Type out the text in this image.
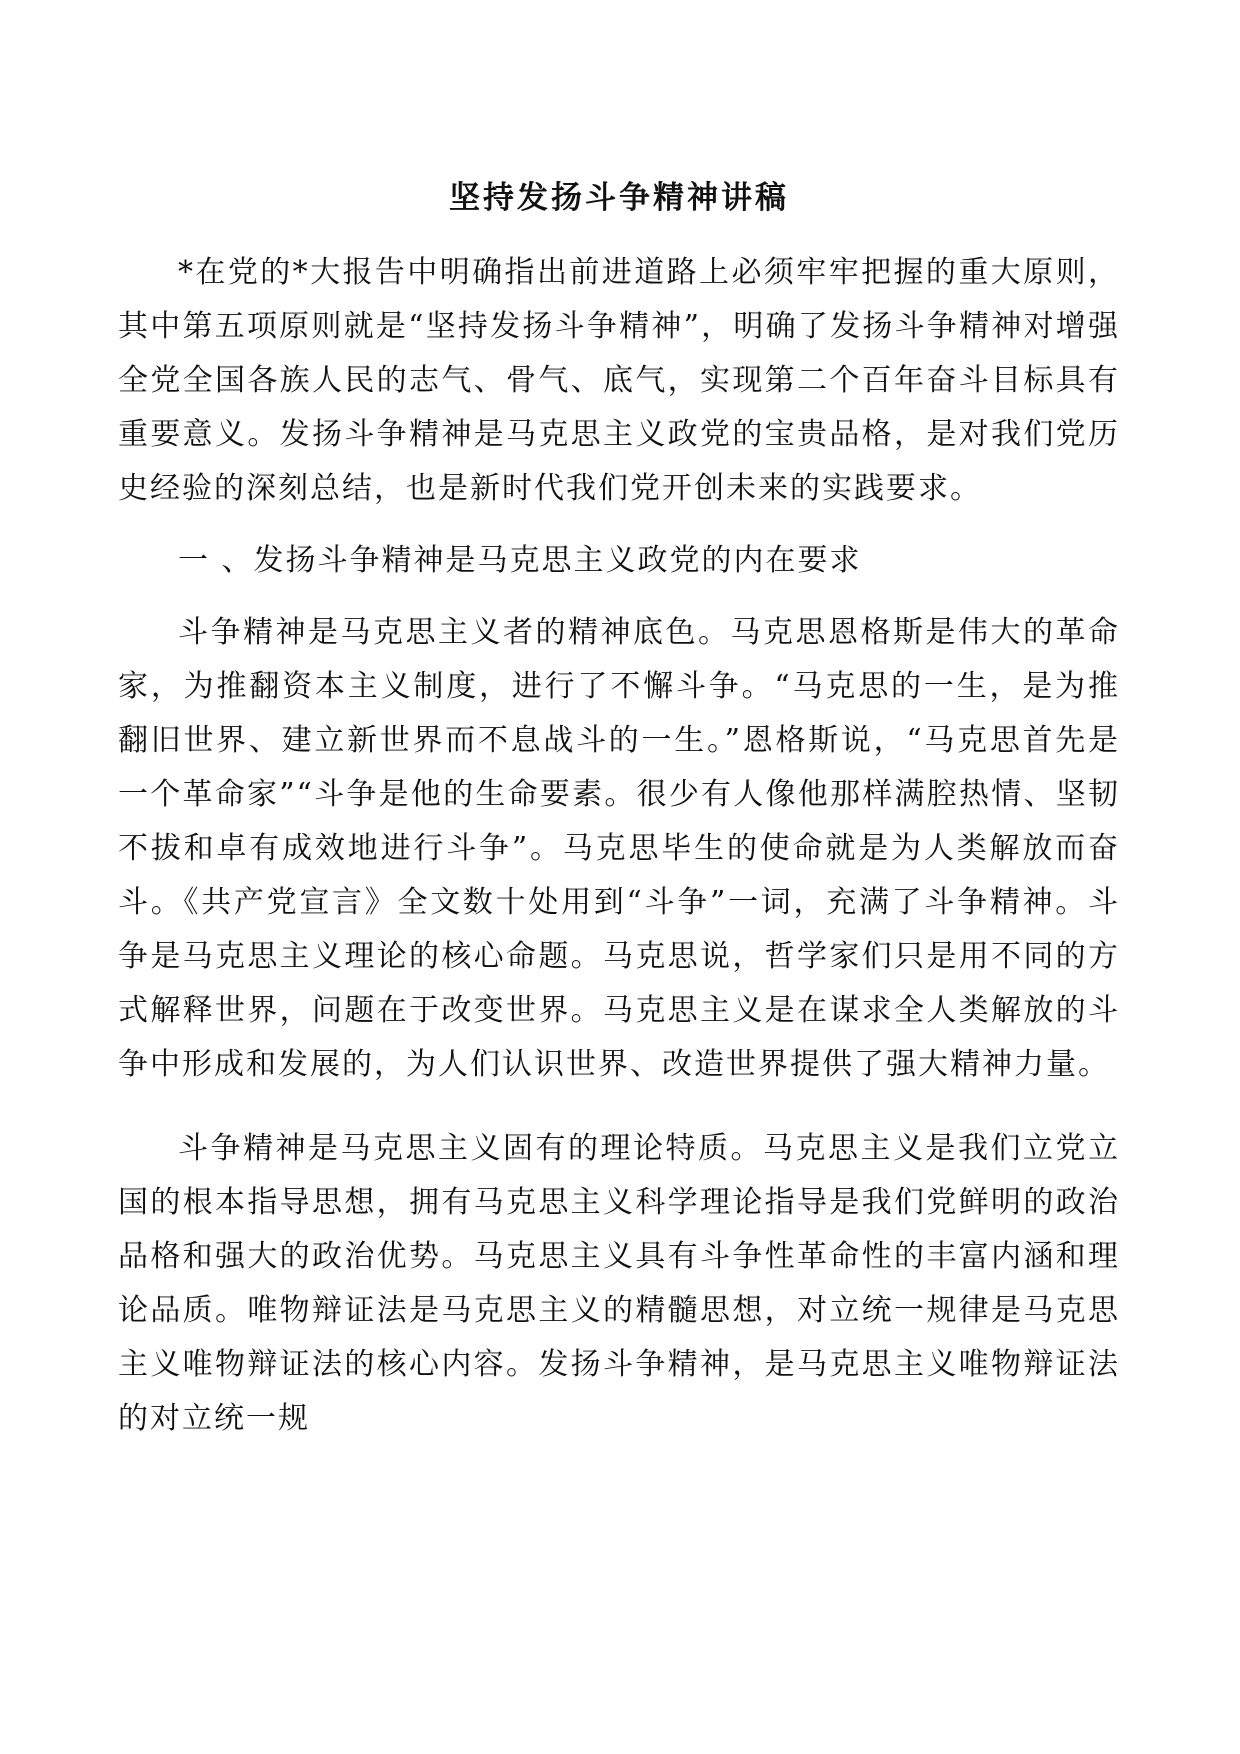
坚持发扬斗争精神讲稿

*在党的*大报告中明确指出前进道路上必须牢牢把握的重大原则，其中第五项原则就是“坚持发扬斗争精神”，明确了发扬斗争精神对增强全党全国各族人民的志气、骨气、底气，实现第二个百年奋斗目标具有重要意义。发扬斗争精神是马克思主义政党的宝贵品格，是对我们党历史经验的深刻总结，也是新时代我们党开创未来的实践要求。

一 、发扬斗争精神是马克思主义政党的内在要求

斗争精神是马克思主义者的精神底色。马克思恩格斯是伟大的革命家，为推翻资本主义制度，进行了不懈斗争。“马克思的一生，是为推翻旧世界、建立新世界而不息战斗的一生。”恩格斯说，“马克思首先是一个革命家”“斗争是他的生命要素。很少有人像他那样满腔热情、坚韧不拔和卓有成效地进行斗争”。马克思毕生的使命就是为人类解放而奋斗。《共产党宣言》全文数十处用到“斗争”一词，充满了斗争精神。斗争是马克思主义理论的核心命题。马克思说，哲学家们只是用不同的方式解释世界，问题在于改变世界。马克思主义是在谋求全人类解放的斗争中形成和发展的，为人们认识世界、改造世界提供了强大精神力量。

斗争精神是马克思主义固有的理论特质。马克思主义是我们立党立国的根本指导思想，拥有马克思主义科学理论指导是我们党鲜明的政治品格和强大的政治优势。马克思主义具有斗争性革命性的丰富内涵和理论品质。唯物辩证法是马克思主义的精髓思想，对立统一规律是马克思主义唯物辩证法的核心内容。发扬斗争精神，是马克思主义唯物辩证法的对立统一规
